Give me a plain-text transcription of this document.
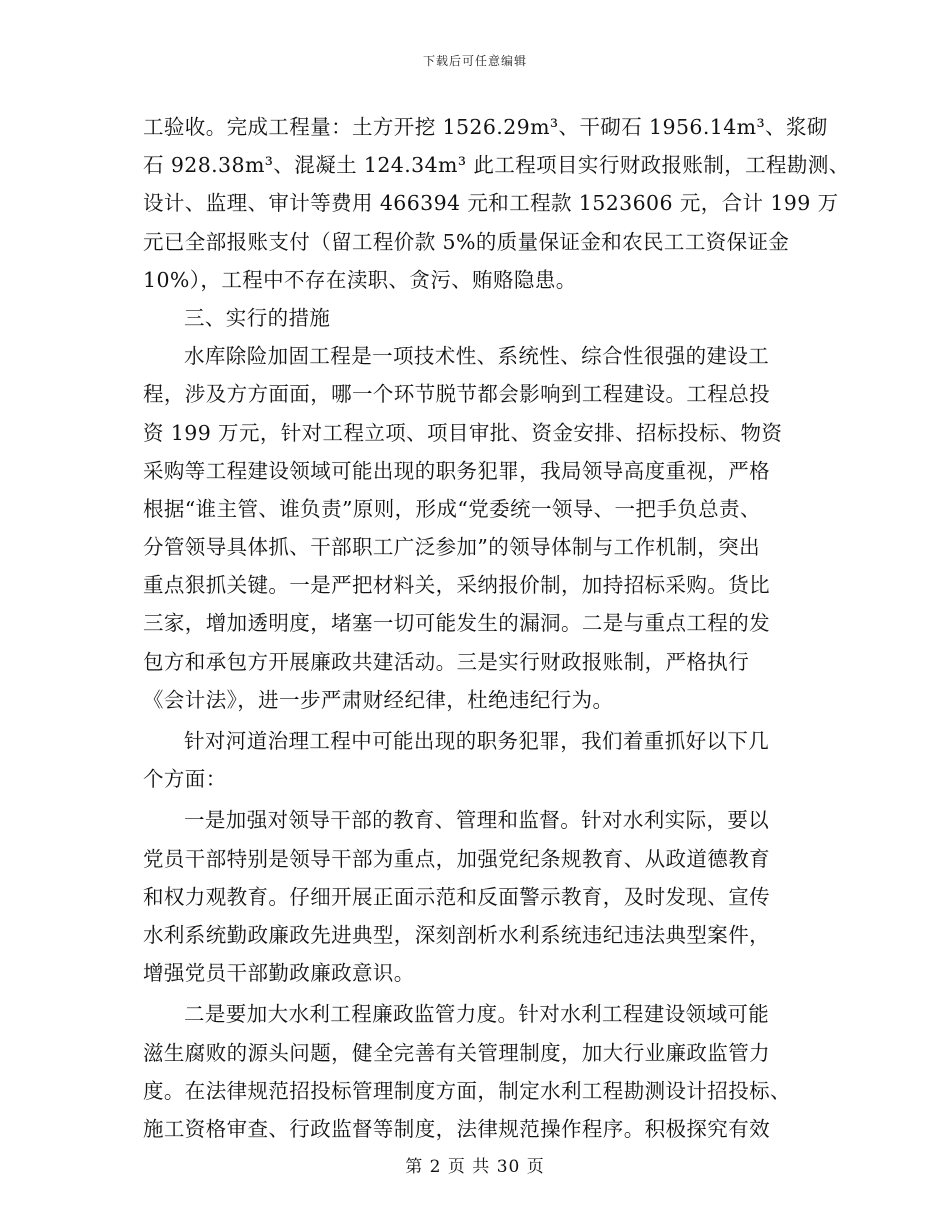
下载后可任意编辑
工验收。完成工程量：土方开挖 1526.29m³、干砌石 1956.14m³、浆砌
石 928.38m³、混凝土 124.34m³ 此工程项目实行财政报账制，工程勘测、
设计、监理、审计等费用 466394 元和工程款 1523606 元，合计 199 万
元已全部报账支付（留工程价款 5%的质量保证金和农民工工资保证金
10%），工程中不存在渎职、贪污、贿赂隐患。
三、实行的措施
水库除险加固工程是一项技术性、系统性、综合性很强的建设工
程，涉及方方面面，哪一个环节脱节都会影响到工程建设。工程总投
资 199 万元，针对工程立项、项目审批、资金安排、招标投标、物资
采购等工程建设领域可能出现的职务犯罪，我局领导高度重视，严格
根据“谁主管、谁负责”原则，形成“党委统一领导、一把手负总责、
分管领导具体抓、干部职工广泛参加”的领导体制与工作机制，突出
重点狠抓关键。一是严把材料关，采纳报价制，加持招标采购。货比
三家，增加透明度，堵塞一切可能发生的漏洞。二是与重点工程的发
包方和承包方开展廉政共建活动。三是实行财政报账制，严格执行
《会计法》，进一步严肃财经纪律，杜绝违纪行为。
针对河道治理工程中可能出现的职务犯罪，我们着重抓好以下几
个方面：
一是加强对领导干部的教育、管理和监督。针对水利实际，要以
党员干部特别是领导干部为重点，加强党纪条规教育、从政道德教育
和权力观教育。仔细开展正面示范和反面警示教育，及时发现、宣传
水利系统勤政廉政先进典型，深刻剖析水利系统违纪违法典型案件，
增强党员干部勤政廉政意识。
二是要加大水利工程廉政监管力度。针对水利工程建设领域可能
滋生腐败的源头问题，健全完善有关管理制度，加大行业廉政监管力
度。在法律规范招投标管理制度方面，制定水利工程勘测设计招投标、
施工资格审查、行政监督等制度，法律规范操作程序。积极探究有效
第 2 页 共 30 页
